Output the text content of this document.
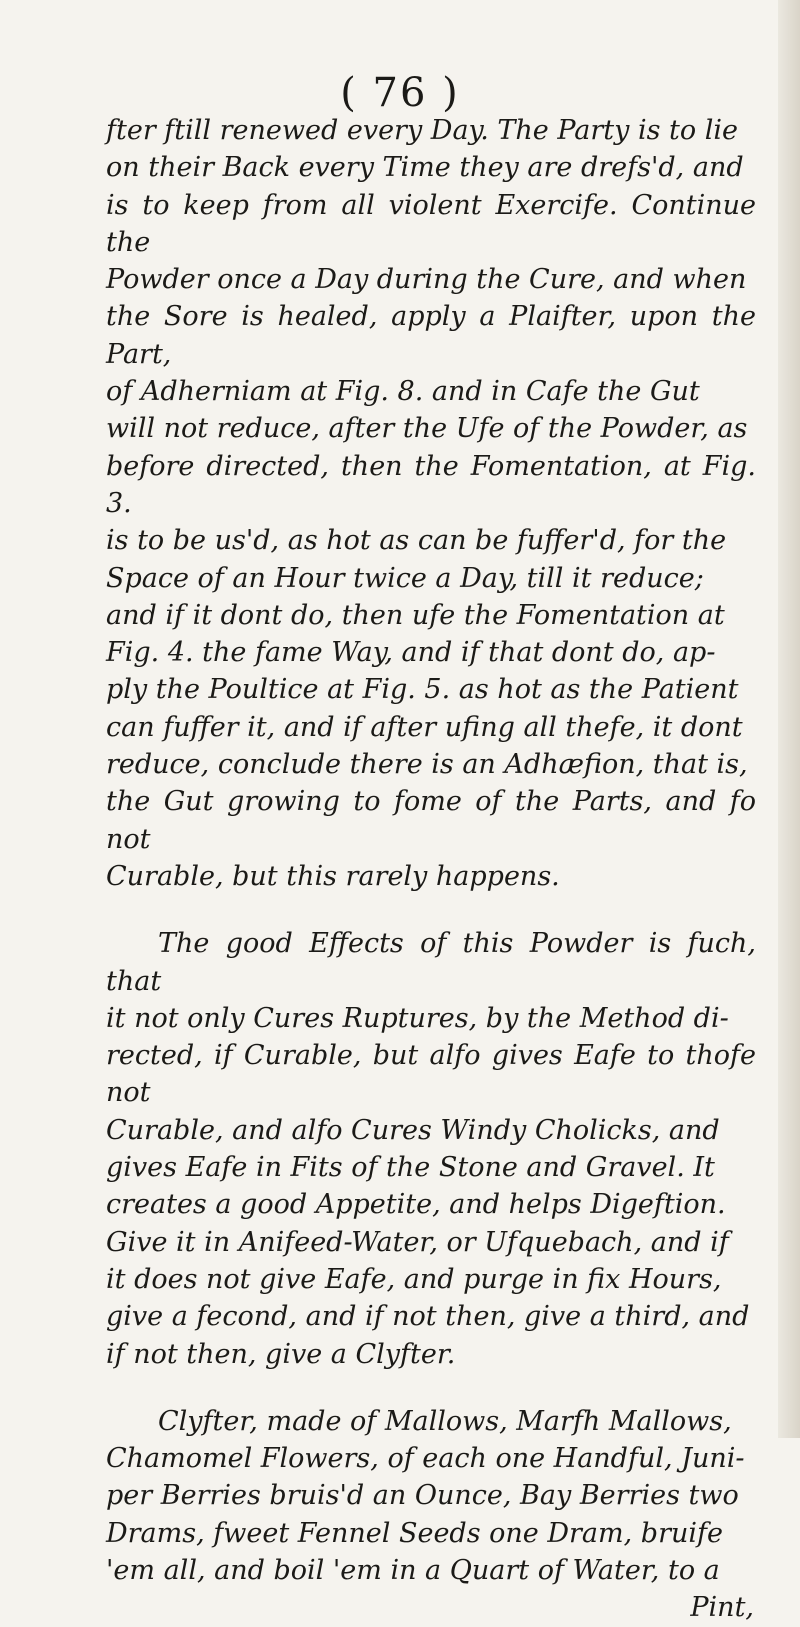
( 76 )

fter ftill renewed every Day. The Party is to lie
on their Back every Time they are drefs'd, and
is to keep from all violent Exercife. Continue the
Powder once a Day during the Cure, and when
the Sore is healed, apply a Plaifter, upon the Part,
of Adherniam at Fig. 8. and in Cafe the Gut
will not reduce, after the Ufe of the Powder, as
before directed, then the Fomentation, at Fig. 3.
is to be us'd, as hot as can be fuffer'd, for the
Space of an Hour twice a Day, till it reduce;
and if it dont do, then ufe the Fomentation at
Fig. 4. the fame Way, and if that dont do, ap-
ply the Poultice at Fig. 5. as hot as the Patient
can fuffer it, and if after ufing all thefe, it dont
reduce, conclude there is an Adhæfion, that is,
the Gut growing to fome of the Parts, and fo not
Curable, but this rarely happens.

The good Effects of this Powder is fuch, that
it not only Cures Ruptures, by the Method di-
rected, if Curable, but alfo gives Eafe to thofe not
Curable, and alfo Cures Windy Cholicks, and
gives Eafe in Fits of the Stone and Gravel. It
creates a good Appetite, and helps Digeftion.
Give it in Anifeed-Water, or Ufquebach, and if
it does not give Eafe, and purge in fix Hours,
give a fecond, and if not then, give a third, and
if not then, give a Clyfter.

Clyfter, made of Mallows, Marfh Mallows,
Chamomel Flowers, of each one Handful, Juni-
per Berries bruis'd an Ounce, Bay Berries two
Drams, fweet Fennel Seeds one Dram, bruife
'em all, and boil 'em in a Quart of Water, to a

Pint,
